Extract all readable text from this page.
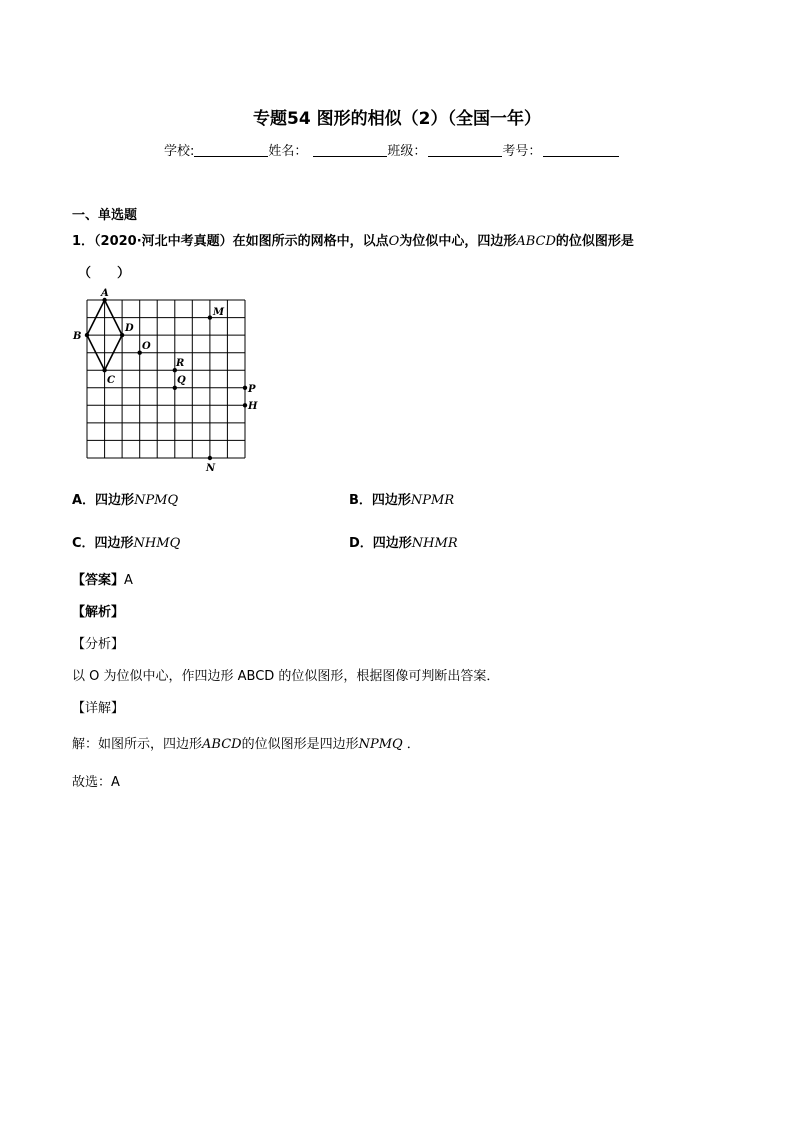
专题54 图形的相似（2）（全国一年）
学校:	姓名：	班级：	考号：
一、单选题
1．（2020·河北中考真题）在如图所示的网格中，以点O为位似中心，四边形ABCD的位似图形是
（　　）
A
B
C
D
O
M
R
Q
P
H
N
A．四边形NPMQ	B．四边形NPMR
C．四边形NHMQ	D．四边形NHMR
【答案】A
【解析】
【分析】
以 O 为位似中心，作四边形 ABCD 的位似图形，根据图像可判断出答案．
【详解】
解：如图所示，四边形ABCD的位似图形是四边形NPMQ ．
故选：A
